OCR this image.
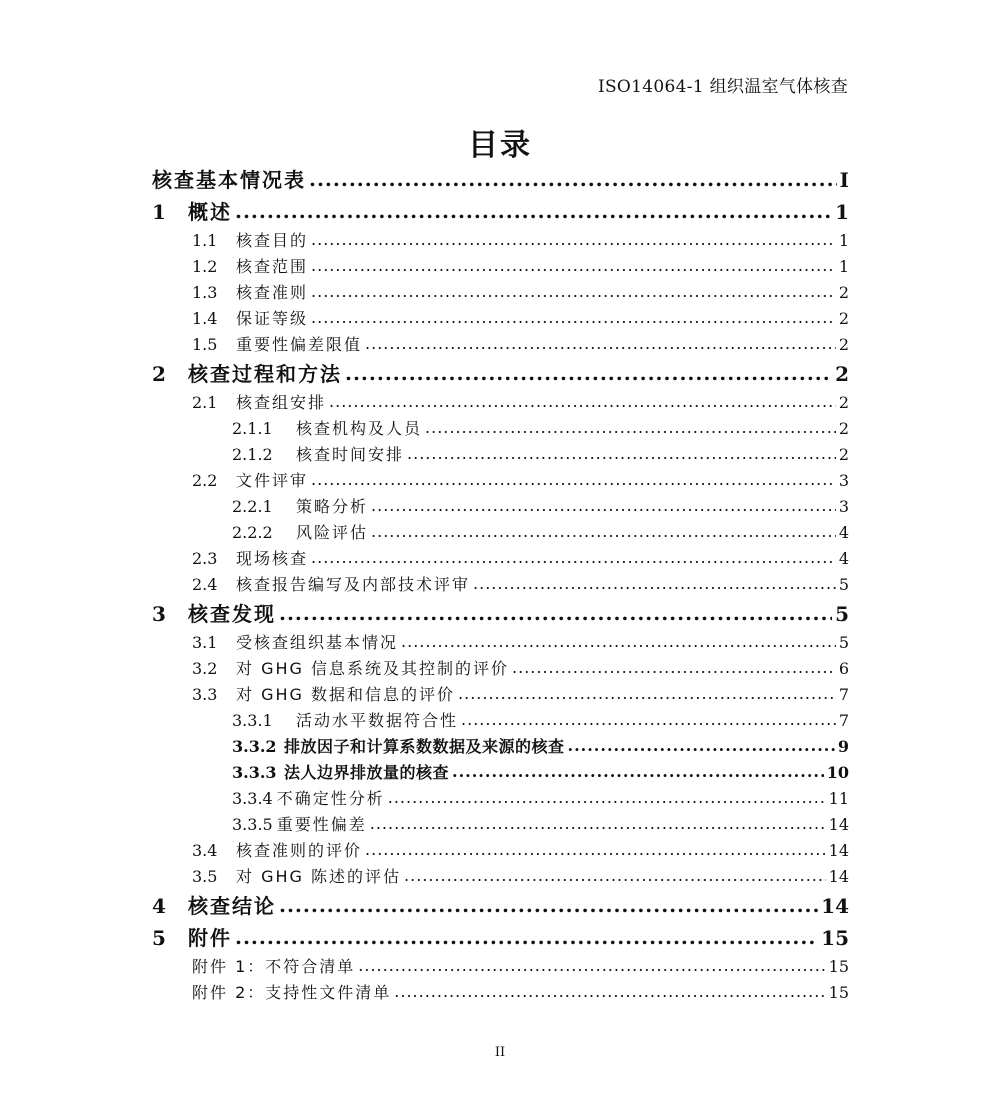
ISO14064-1 组织温室气体核查
目录
核查基本情况表 .....	I
1	概述 .....	1
1.1	核查目的 .....	1
1.2	核查范围 .....	1
1.3	核查准则 .....	2
1.4	保证等级 .....	2
1.5	重要性偏差限值 .....	2
2	核查过程和方法 .....	2
2.1	核查组安排 .....	2
2.1.1	核查机构及人员 .....	2
2.1.2	核查时间安排 .....	2
2.2	文件评审 .....	3
2.2.1	策略分析 .....	3
2.2.2	风险评估 .....	4
2.3	现场核查 .....	4
2.4	核查报告编写及内部技术评审 .....	5
3	核查发现 .....	5
3.1	受核查组织基本情况 .....	5
3.2	对 GHG 信息系统及其控制的评价 .....	6
3.3	对 GHG 数据和信息的评价 .....	7
3.3.1	活动水平数据符合性 .....	7
3.3.2 排放因子和计算系数数据及来源的核查 .....	9
3.3.3 法人边界排放量的核查 .....	10
3.3.4 不确定性分析 .....	11
3.3.5 重要性偏差 .....	14
3.4	核查准则的评价 .....	14
3.5	对 GHG 陈述的评估 .....	14
4	核查结论 .....	14
5	附件 .....	15
附件 1：不符合清单 .....	15
附件 2：支持性文件清单 .....	15
II
